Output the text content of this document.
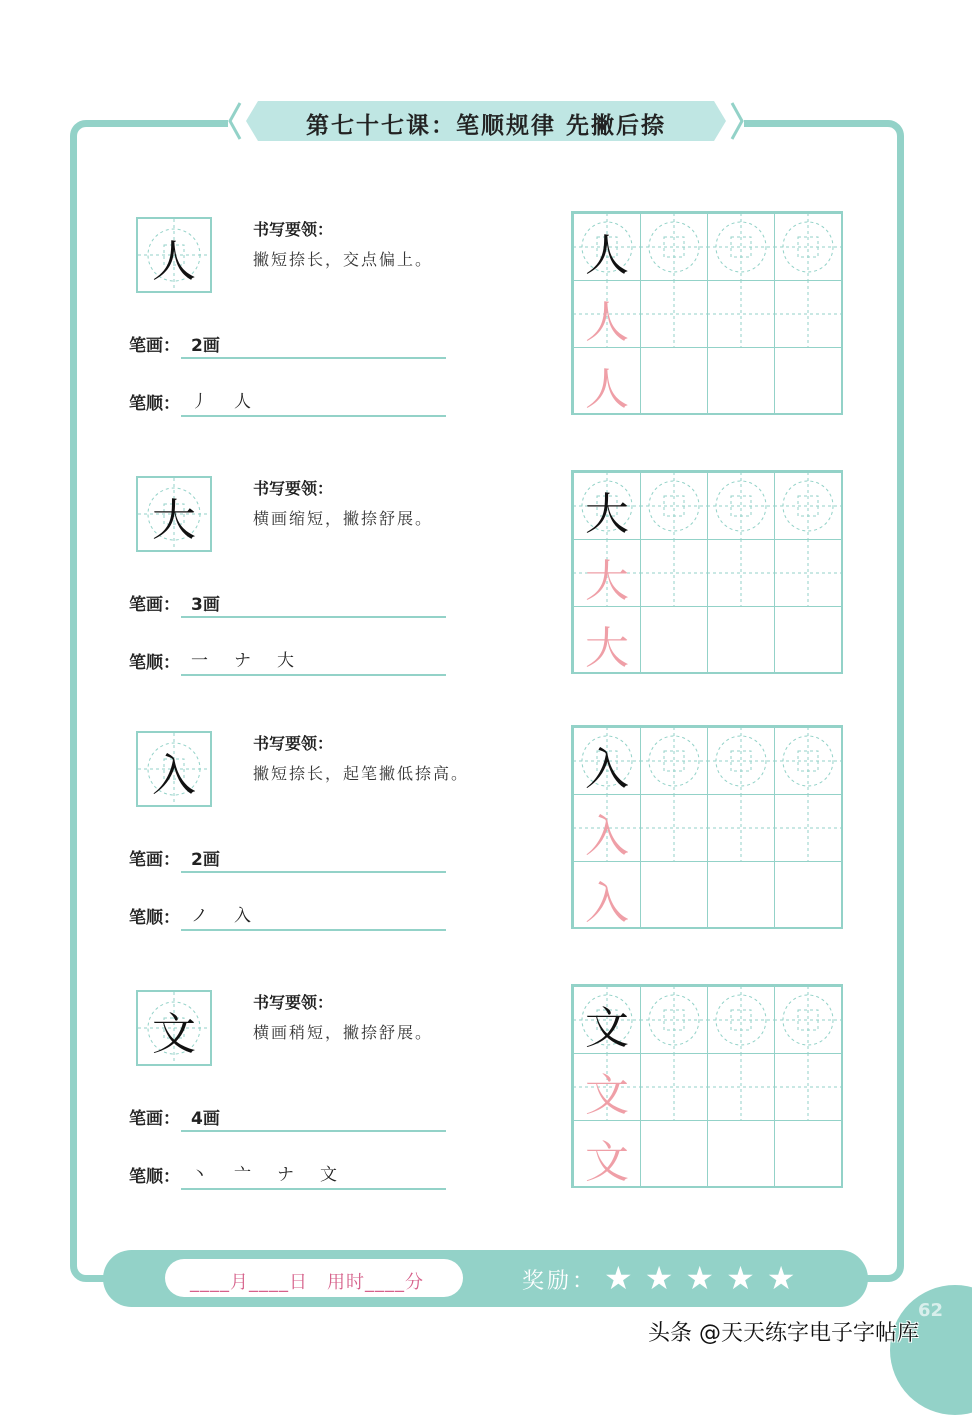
第七十七课：笔顺规律 先撇后捺
人
书写要领：
撇短捺长，交点偏上。
笔画： 2画
笔顺： 丿 人
人
人
人
大
书写要领：
横画缩短，撇捺舒展。
笔画： 3画
笔顺： 一 ナ 大
大
大
大
入
书写要领：
撇短捺长，起笔撇低捺高。
笔画： 2画
笔顺： ノ 入
入
入
入
文
书写要领：
横画稍短，撇捺舒展。
笔画： 4画
笔顺： 丶 亠 ナ 文
文
文
文
____月____日　用时____分	奖励： ★ ★ ★ ★ ★
62
头条 @天天练字电子字帖库
